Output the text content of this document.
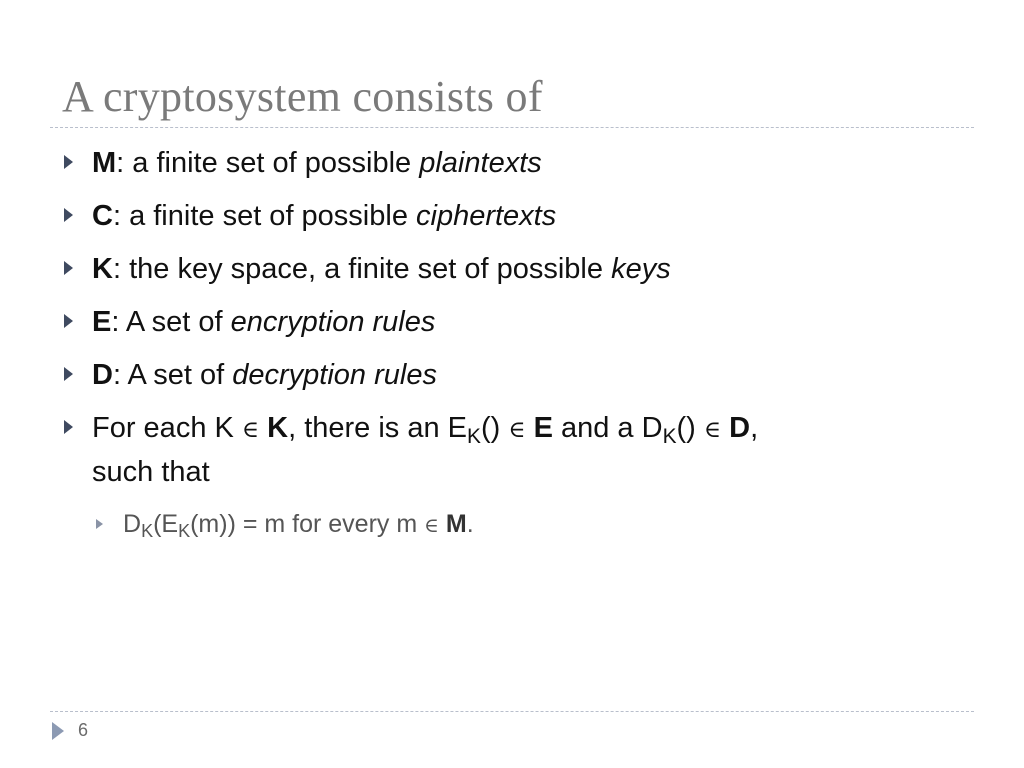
A cryptosystem consists of
M: a finite set of possible plaintexts
C: a finite set of possible ciphertexts
K: the key space, a finite set of possible keys
E: A set of encryption rules
D: A set of decryption rules
For each K ∈ K, there is an $E_K()$ ∈ E and a $D_K()$ ∈ D,
such that
$D_K(E_K(m)) = m$ for every m ∈ M.
6
